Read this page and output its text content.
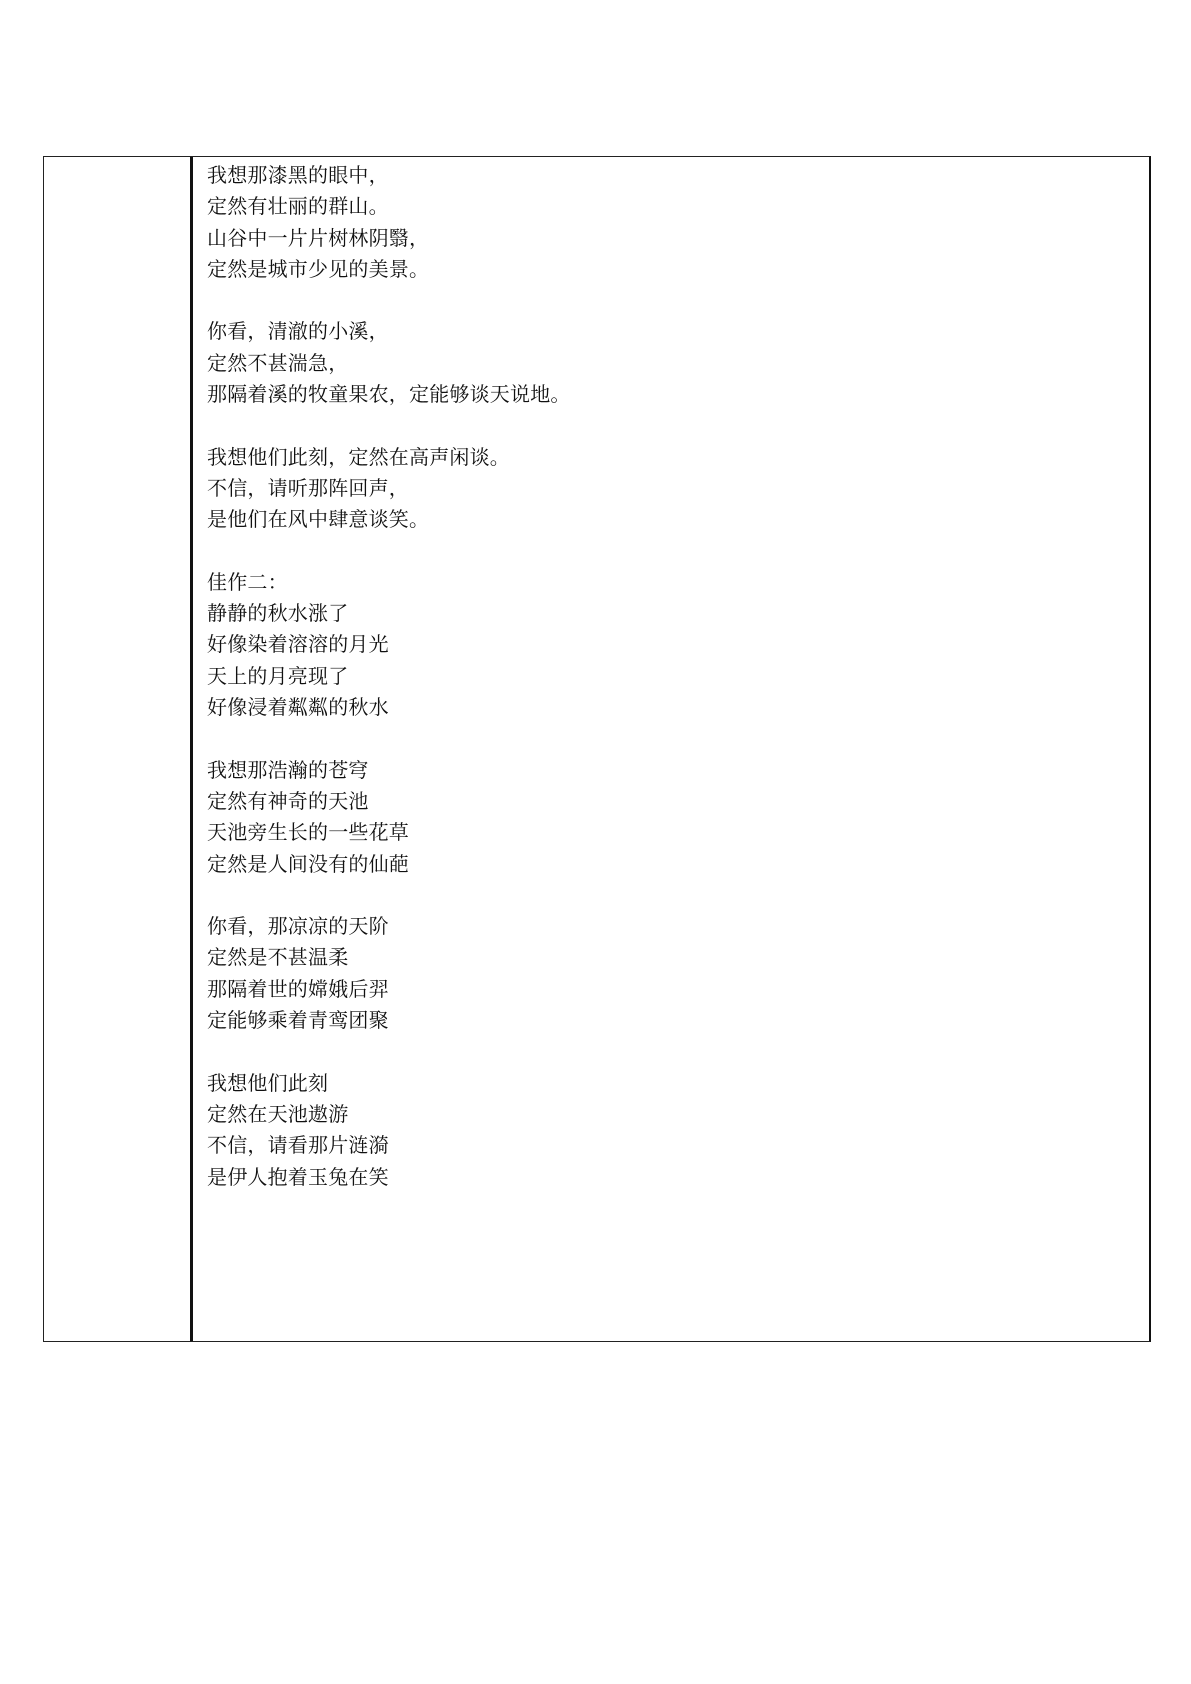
我想那漆黑的眼中，
定然有壮丽的群山。
山谷中一片片树林阴翳，
定然是城市少见的美景。
你看，清澈的小溪，
定然不甚湍急，
那隔着溪的牧童果农，定能够谈天说地。
我想他们此刻，定然在高声闲谈。
不信，请听那阵回声，
是他们在风中肆意谈笑。
佳作二：
静静的秋水涨了
好像染着溶溶的月光
天上的月亮现了
好像浸着粼粼的秋水
我想那浩瀚的苍穹
定然有神奇的天池
天池旁生长的一些花草
定然是人间没有的仙葩
你看，那凉凉的天阶
定然是不甚温柔
那隔着世的嫦娥后羿
定能够乘着青鸾团聚
我想他们此刻
定然在天池遨游
不信，请看那片涟漪
是伊人抱着玉兔在笑
